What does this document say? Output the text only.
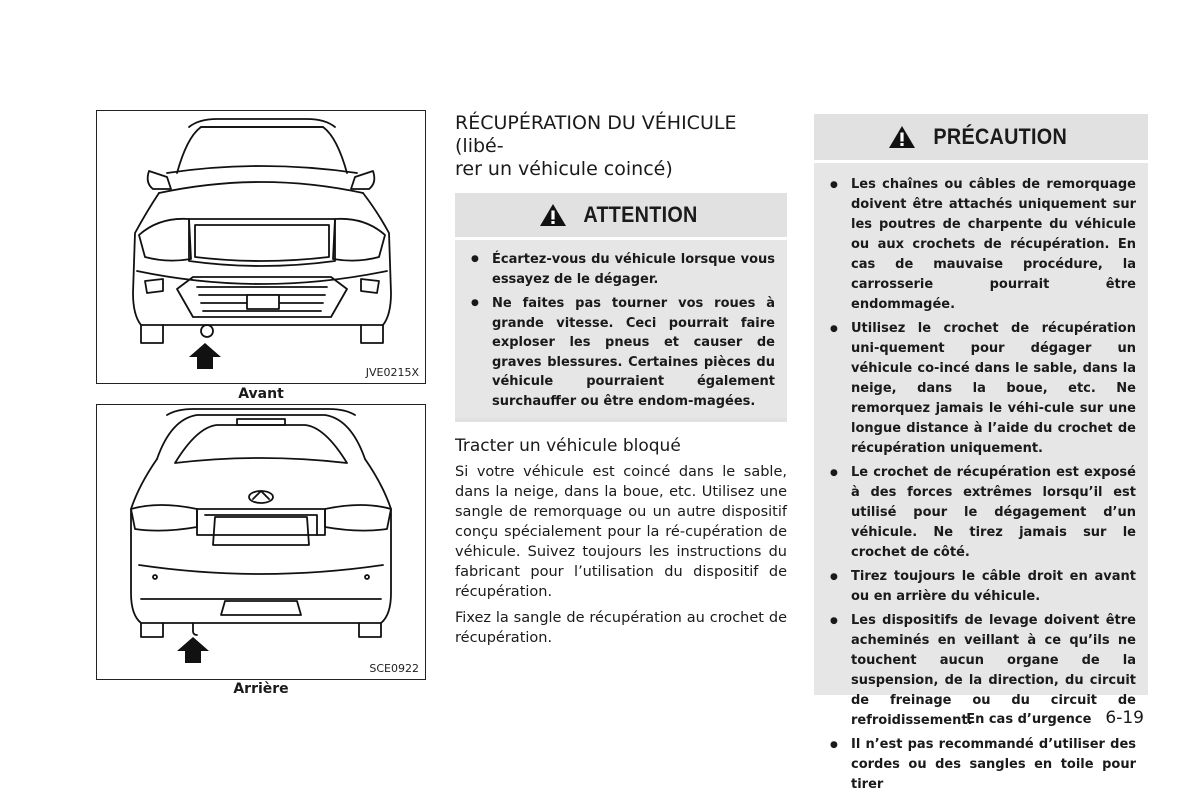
JVE0215X
Avant
SCE0922
Arrière
RÉCUPÉRATION DU VÉHICULE (libé-
rer un véhicule coincé)
ATTENTION
● Écartez-vous du véhicule lorsque vous essayez de le dégager.
● Ne faites pas tourner vos roues à grande vitesse. Ceci pourrait faire exploser les pneus et causer de graves blessures. Certaines pièces du véhicule pourraient également surchauffer ou être endom-magées.
Tracter un véhicule bloqué

Si votre véhicule est coincé dans le sable, dans la neige, dans la boue, etc. Utilisez une sangle de remorquage ou un autre dispositif conçu spécialement pour la ré-cupération de véhicule. Suivez toujours les instructions du fabricant pour l’utilisation du dispositif de récupération.

Fixez la sangle de récupération au crochet de récupération.

PRÉCAUTION
● Les chaînes ou câbles de remorquage doivent être attachés uniquement sur les poutres de charpente du véhicule ou aux crochets de récupération. En cas de mauvaise procédure, la carrosserie pourrait être endommagée.
● Utilisez le crochet de récupération uni-quement pour dégager un véhicule co-incé dans le sable, dans la neige, dans la boue, etc. Ne remorquez jamais le véhi-cule sur une longue distance à l’aide du crochet de récupération uniquement.
● Le crochet de récupération est exposé à des forces extrêmes lorsqu’il est utilisé pour le dégagement d’un véhicule. Ne tirez jamais sur le crochet de côté.
● Tirez toujours le câble droit en avant ou en arrière du véhicule.
● Les dispositifs de levage doivent être acheminés en veillant à ce qu’ils ne touchent aucun organe de la suspension, de la direction, du circuit de freinage ou du circuit de refroidissement.
● Il n’est pas recommandé d’utiliser des cordes ou des sangles en toile pour tirer
En cas d’urgence 6-19
